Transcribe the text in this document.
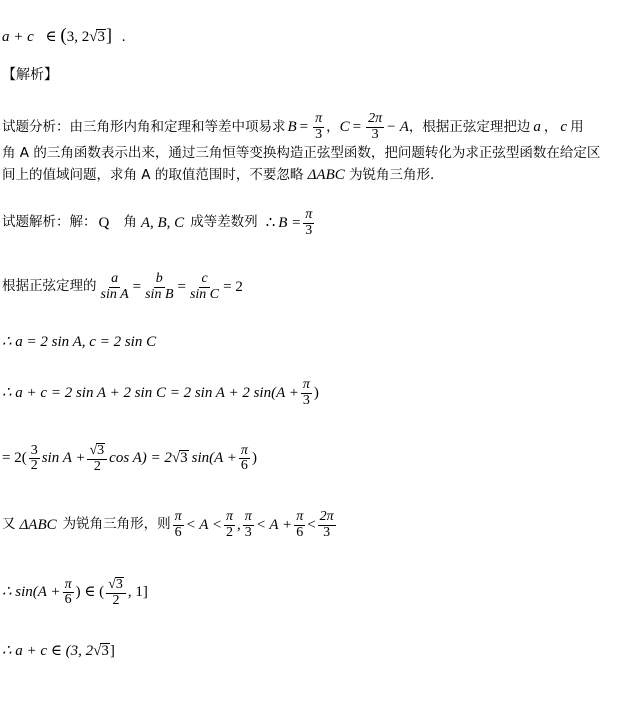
a + c ∈ (3, 2√3] .
【解析】
试题分析： 由三角形内角和定理和等差中项易求 $B = \frac{\pi}{3}$ ， $C = \frac{2\pi}{3} - A$ ，根据正弦定理把边 a ， c 用
角 A 的三角函数表示出来，通过三角恒等变换构造正弦型函数，把问题转化为求正弦型函数在给定区
间上的值域问题，求角 A 的取值范围时，不要忽略 ΔABC 为锐角三角形．
试题解析：解： Q 角 A, B, C 成等差数列 ∴ $B = \frac{\pi}{3}$
根据正弦定理的 $\frac{a}{\text{sin A}} = \frac{b}{\text{sin B}} = \frac{c}{\text{sin C}} = 2$
∴ a = 2 sin A, c = 2 sin C
∴ a + c = 2 sin A + 2 sin C = 2 sin A + 2 $\sin(A + \frac{\pi}{3}$ )
= $2( \frac{3}{2}$ $\sin A + \frac{√3}{2}$ cos A) = 2 √ 3 $\sin(A + \frac{\pi}{6}$ )
又 ΔABC 为锐角三角形，则 $\frac{\pi}{6} < A < \frac{\pi}{2}$ , $\frac{\pi}{3} < A + \frac{\pi}{6} < \frac{2\pi}{3}$
∴ $\sin(A + \frac{\pi}{6}$ ) ∈ ( $\frac{√3}{2}$ , 1]
∴ a + c ∈ (3, 2√3]
